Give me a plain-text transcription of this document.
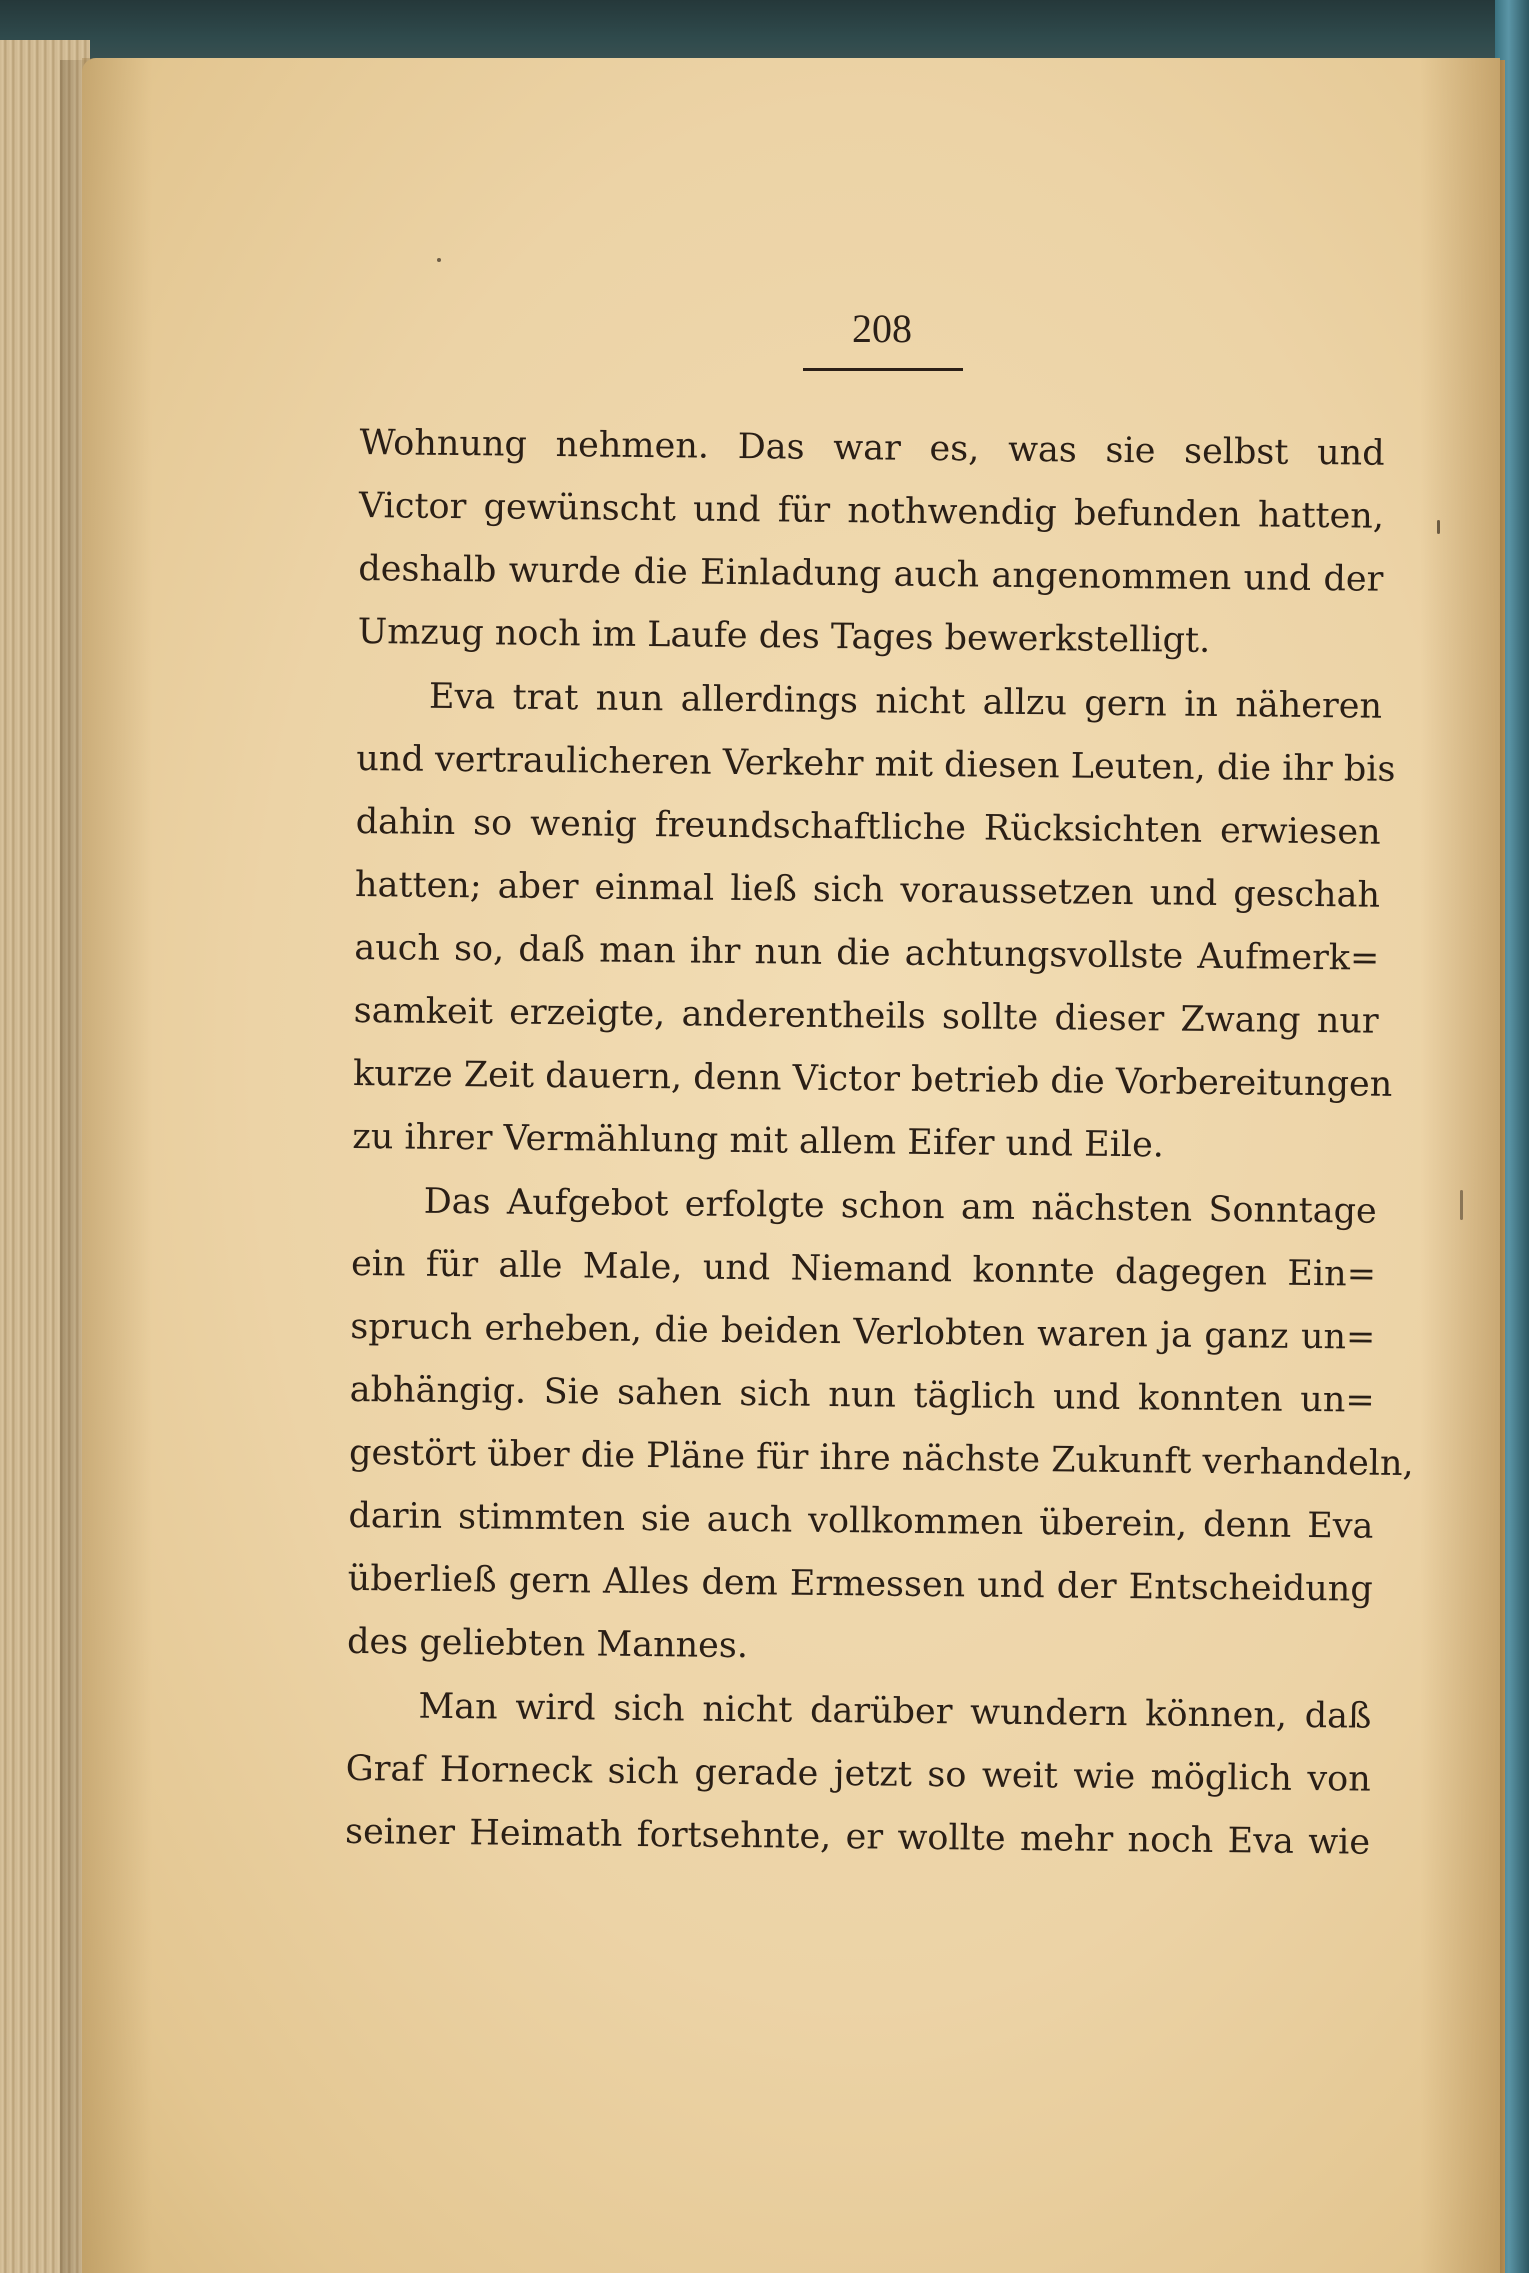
208

Wohnung nehmen. Das war es, was sie selbst und
Victor gewünscht und für nothwendig befunden hatten,
deshalb wurde die Einladung auch angenommen und der
Umzug noch im Laufe des Tages bewerkstelligt.
Eva trat nun allerdings nicht allzu gern in näheren
und vertraulicheren Verkehr mit diesen Leuten, die ihr bis
dahin so wenig freundschaftliche Rücksichten erwiesen
hatten; aber einmal ließ sich voraussetzen und geschah
auch so, daß man ihr nun die achtungsvollste Aufmerk=
samkeit erzeigte, anderentheils sollte dieser Zwang nur
kurze Zeit dauern, denn Victor betrieb die Vorbereitungen
zu ihrer Vermählung mit allem Eifer und Eile.
Das Aufgebot erfolgte schon am nächsten Sonntage
ein für alle Male, und Niemand konnte dagegen Ein=
spruch erheben, die beiden Verlobten waren ja ganz un=
abhängig. Sie sahen sich nun täglich und konnten un=
gestört über die Pläne für ihre nächste Zukunft verhandeln,
darin stimmten sie auch vollkommen überein, denn Eva
überließ gern Alles dem Ermessen und der Entscheidung
des geliebten Mannes.
Man wird sich nicht darüber wundern können, daß
Graf Horneck sich gerade jetzt so weit wie möglich von
seiner Heimath fortsehnte, er wollte mehr noch Eva wie
